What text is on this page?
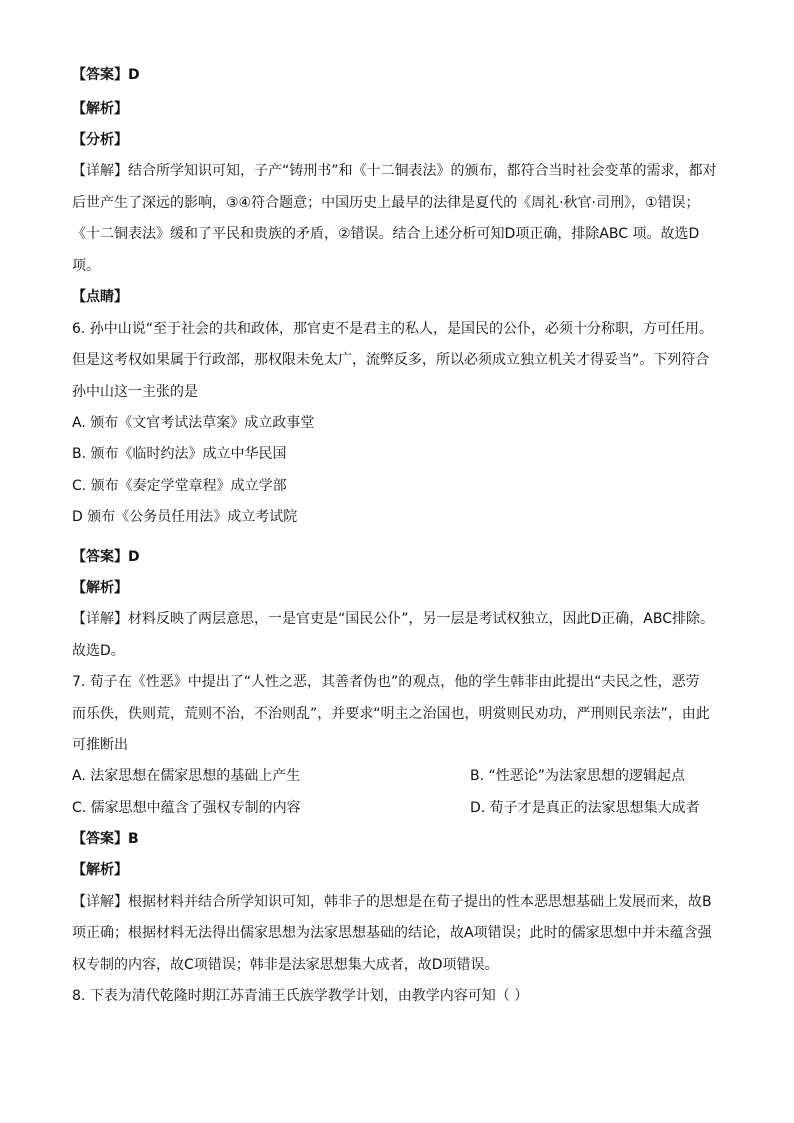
【答案】D
【解析】
【分析】
【详解】结合所学知识可知，子产“铸刑书”和《十二铜表法》的颁布，都符合当时社会变革的需求，都对
后世产生了深远的影响，③④符合题意；中国历史上最早的法律是夏代的《周礼·秋官·司刑》，①错误；
《十二铜表法》缓和了平民和贵族的矛盾，②错误。结合上述分析可知D项正确，排除ABC 项。故选D
项。
【点睛】
6. 孙中山说“至于社会的共和政体，那官吏不是君主的私人，是国民的公仆，必须十分称职，方可任用。
但是这考权如果属于行政部，那权限未免太广，流弊反多，所以必须成立独立机关才得妥当”。下列符合
孙中山这一主张的是
A. 颁布《文官考试法草案》成立政事堂
B. 颁布《临时约法》成立中华民国
C. 颁布《奏定学堂章程》成立学部
D 颁布《公务员任用法》成立考试院
【答案】D
【解析】
【详解】材料反映了两层意思，一是官吏是“国民公仆”，另一层是考试权独立，因此D正确，ABC排除。
故选D。
7. 荀子在《性恶》中提出了“人性之恶，其善者伪也”的观点，他的学生韩非由此提出“夫民之性，恶劳
而乐佚，佚则荒，荒则不治，不治则乱”，并要求“明主之治国也，明赏则民劝功，严刑则民亲法”，由此
可推断出
A. 法家思想在儒家思想的基础上产生	B. “性恶论”为法家思想的逻辑起点
C. 儒家思想中蕴含了强权专制的内容	D. 荀子才是真正的法家思想集大成者
【答案】B
【解析】
【详解】根据材料并结合所学知识可知，韩非子的思想是在荀子提出的性本恶思想基础上发展而来，故B
项正确；根据材料无法得出儒家思想为法家思想基础的结论，故A项错误；此时的儒家思想中并未蕴含强
权专制的内容，故C项错误；韩非是法家思想集大成者，故D项错误。
8. 下表为清代乾隆时期江苏青浦王氏族学教学计划，由教学内容可知（ ）
